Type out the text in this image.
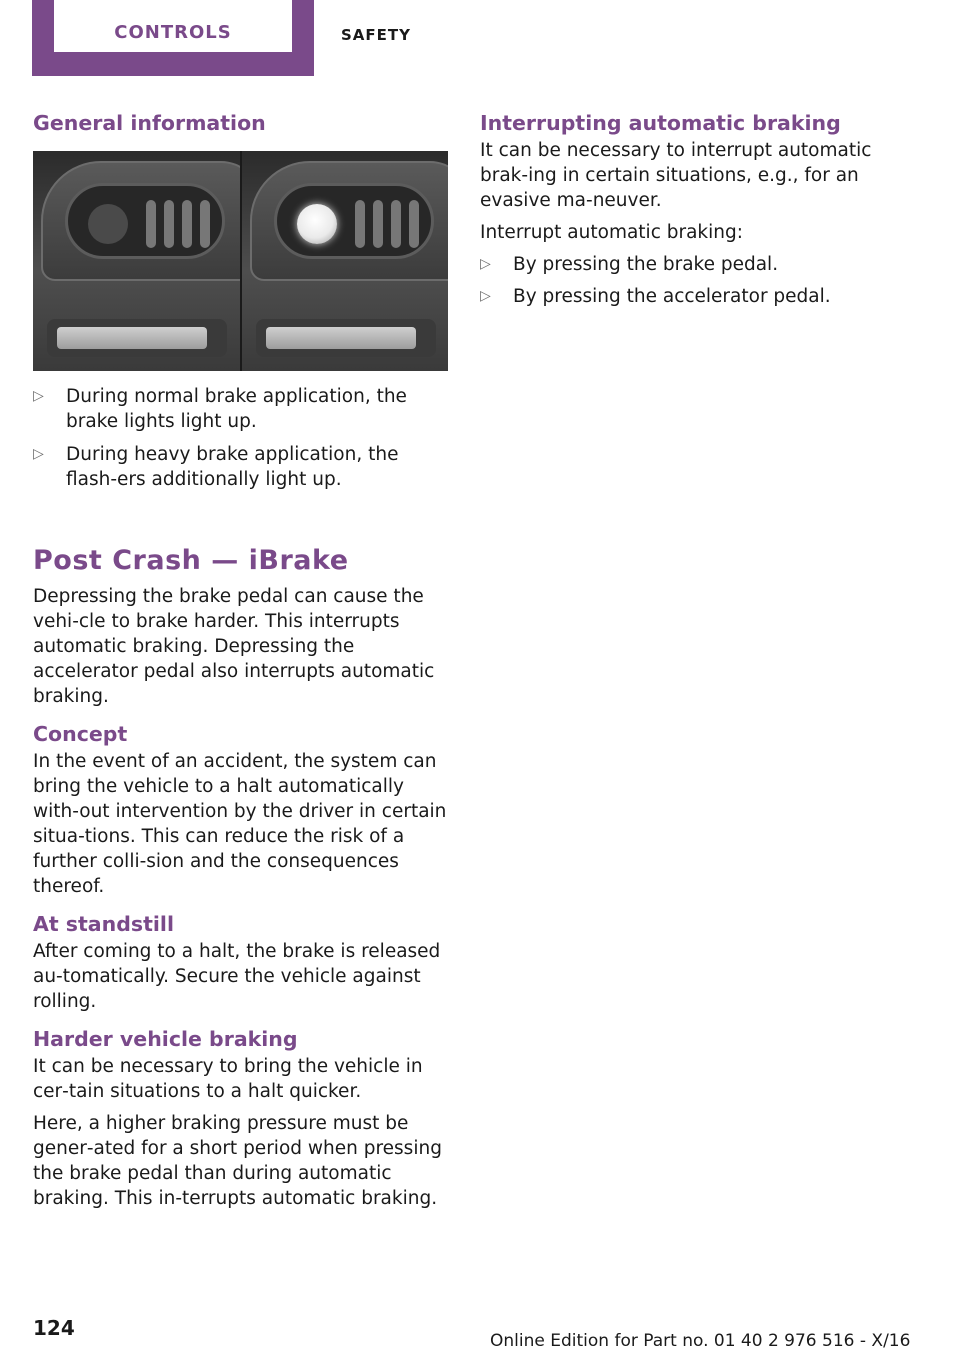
CONTROLS	SAFETY
General information
▷	During normal brake application, the brake lights light up.
▷	During heavy brake application, the flash‐ers additionally light up.
Post Crash — iBrake

Depressing the brake pedal can cause the vehi‐cle to brake harder. This interrupts automatic braking. Depressing the accelerator pedal also interrupts automatic braking.

Concept

In the event of an accident, the system can bring the vehicle to a halt automatically with‐out intervention by the driver in certain situa‐tions. This can reduce the risk of a further colli‐sion and the consequences thereof.

At standstill

After coming to a halt, the brake is released au‐tomatically. Secure the vehicle against rolling.

Harder vehicle braking

It can be necessary to bring the vehicle in cer‐tain situations to a halt quicker.

Here, a higher braking pressure must be gener‐ated for a short period when pressing the brake pedal than during automatic braking. This in‐terrupts automatic braking.

Interrupting automatic braking

It can be necessary to interrupt automatic brak‐ing in certain situations, e.g., for an evasive ma‐neuver.

Interrupt automatic braking:

▷	By pressing the brake pedal.
▷	By pressing the accelerator pedal.
124
Online Edition for Part no. 01 40 2 976 516 - X/16
